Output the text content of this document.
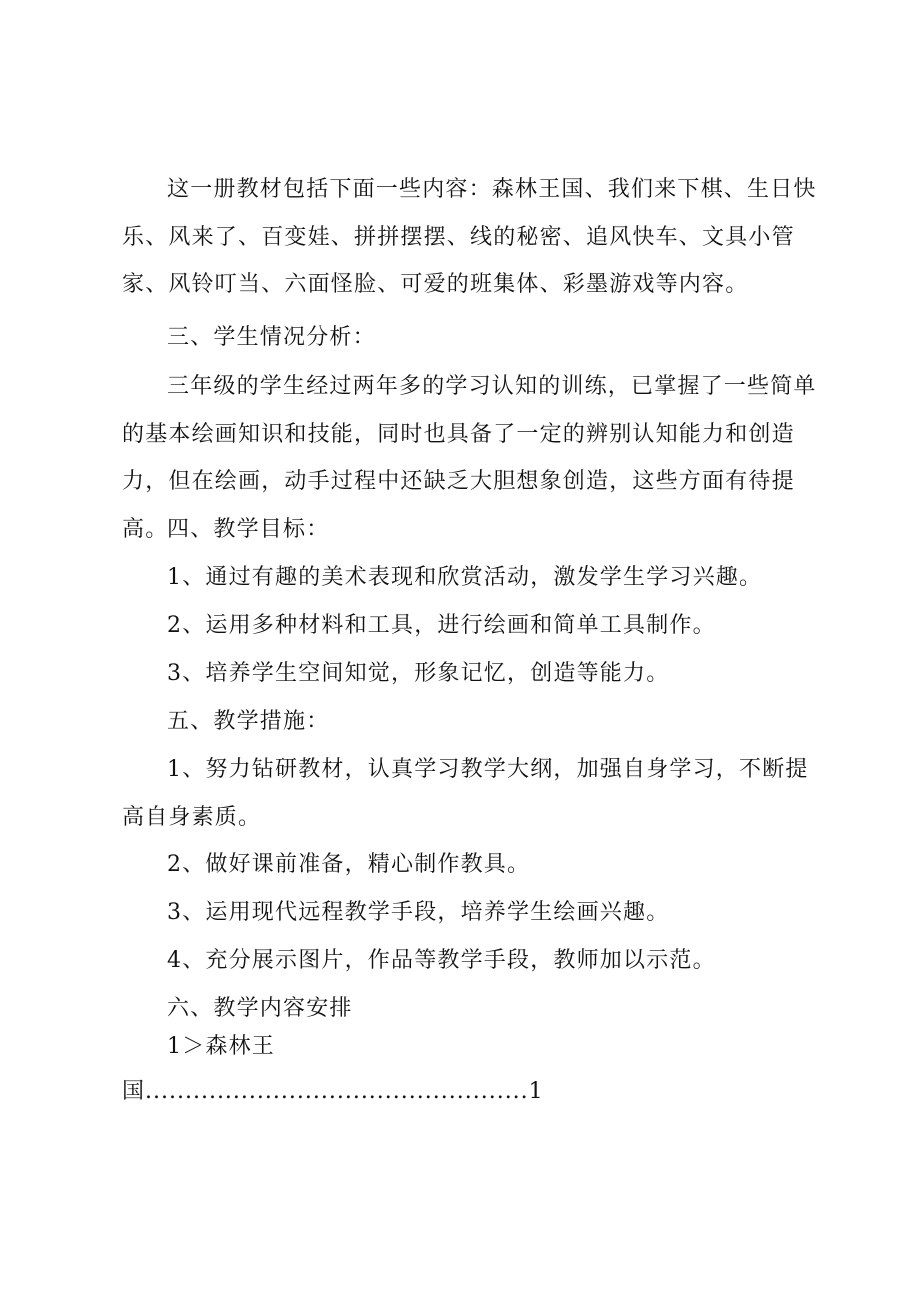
这一册教材包括下面一些内容：森林王国、我们来下棋、生日快乐、风来了、百变娃、拼拼摆摆、线的秘密、追风快车、文具小管家、风铃叮当、六面怪脸、可爱的班集体、彩墨游戏等内容。

三、学生情况分析：

三年级的学生经过两年多的学习认知的训练，已掌握了一些简单的基本绘画知识和技能，同时也具备了一定的辨别认知能力和创造力，但在绘画，动手过程中还缺乏大胆想象创造，这些方面有待提高。

四、教学目标：

1、通过有趣的美术表现和欣赏活动，激发学生学习兴趣。

2、运用多种材料和工具，进行绘画和简单工具制作。

3、培养学生空间知觉，形象记忆，创造等能力。

五、教学措施：

1、努力钻研教材，认真学习教学大纲，加强自身学习，不断提高自身素质。

2、做好课前准备，精心制作教具。

3、运用现代远程教学手段，培养学生绘画兴趣。

4、充分展示图片，作品等教学手段，教师加以示范。

六、教学内容安排

1＞森林王

国................................................1
